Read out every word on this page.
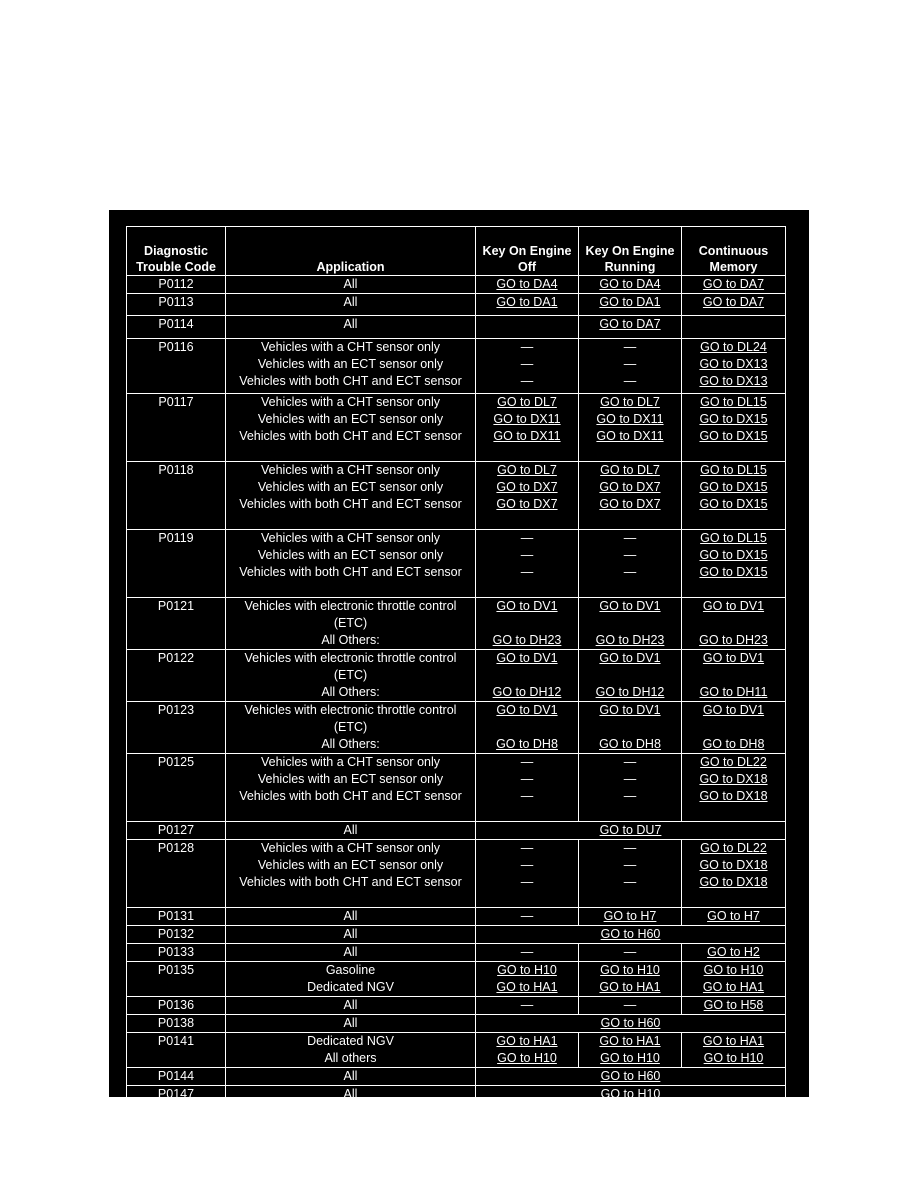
Diagnostic Trouble Code	Application	Key On Engine Off	Key On Engine Running	Continuous Memory

P0112	All	GO to DA4	GO to DA4	GO to DA7

P0113	All	GO to DA1	GO to DA1	GO to DA7

P0114	All		GO to DA7	

P0116	Vehicles with a CHT sensor only
Vehicles with an ECT sensor only
Vehicles with both CHT and ECT sensor	—
—
—	—
—
—	GO to DL24
GO to DX13
GO to DX13

P0117	Vehicles with a CHT sensor only
Vehicles with an ECT sensor only
Vehicles with both CHT and ECT sensor	GO to DL7
GO to DX11
GO to DX11	GO to DL7
GO to DX11
GO to DX11	GO to DL15
GO to DX15
GO to DX15

P0118	Vehicles with a CHT sensor only
Vehicles with an ECT sensor only
Vehicles with both CHT and ECT sensor	GO to DL7
GO to DX7
GO to DX7	GO to DL7
GO to DX7
GO to DX7	GO to DL15
GO to DX15
GO to DX15

P0119	Vehicles with a CHT sensor only
Vehicles with an ECT sensor only
Vehicles with both CHT and ECT sensor	—
—
—	—
—
—	GO to DL15
GO to DX15
GO to DX15

P0121	Vehicles with electronic throttle control
(ETC)
All Others:	GO to DV1
GO to DH23	GO to DV1
GO to DH23	GO to DV1
GO to DH23

P0122	Vehicles with electronic throttle control
(ETC)
All Others:	GO to DV1
GO to DH12	GO to DV1
GO to DH12	GO to DV1
GO to DH11

P0123	Vehicles with electronic throttle control
(ETC)
All Others:	GO to DV1
GO to DH8	GO to DV1
GO to DH8	GO to DV1
GO to DH8

P0125	Vehicles with a CHT sensor only
Vehicles with an ECT sensor only
Vehicles with both CHT and ECT sensor	—
—
—	—
—
—	GO to DL22
GO to DX18
GO to DX18

P0127	All	GO to DU7		

P0128	Vehicles with a CHT sensor only
Vehicles with an ECT sensor only
Vehicles with both CHT and ECT sensor	—
—
—	—
—
—	GO to DL22
GO to DX18
GO to DX18

P0131	All	—	GO to H7	GO to H7

P0132	All	GO to H60		

P0133	All	—	—	GO to H2

P0135	Gasoline
Dedicated NGV	GO to H10
GO to HA1	GO to H10
GO to HA1	GO to H10
GO to HA1

P0136	All	—	—	GO to H58

P0138	All	GO to H60		

P0141	Dedicated NGV
All others	GO to HA1
GO to H10	GO to HA1
GO to H10	GO to HA1
GO to H10

P0144	All	GO to H60		

P0147	All	GO to H10		
